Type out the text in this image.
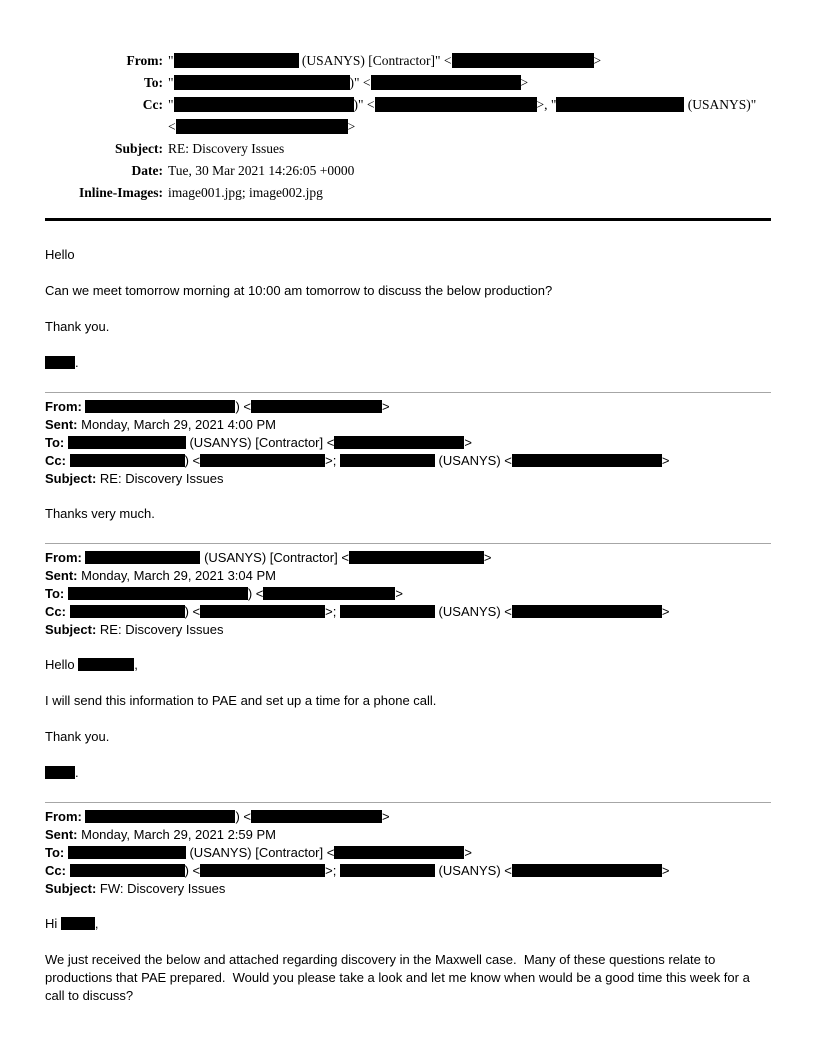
From: "	(USANYS) [Contractor]" <	>
To: "	)" <	>
Cc: "	)" <	>, "	(USANYS)"
<	>
Subject: RE: Discovery Issues
Date: Tue, 30 Mar 2021 14:26:05 +0000
Inline-Images: image001.jpg; image002.jpg

Hello

Can we meet tomorrow morning at 10:00 am tomorrow to discuss the below production?

Thank you.

.

From:	) <	>
Sent: Monday, March 29, 2021 4:00 PM
To:	(USANYS) [Contractor] <	>
Cc:	) <	>;	(USANYS) <	>
Subject: RE: Discovery Issues

Thanks very much.

From:	(USANYS) [Contractor] <	>
Sent: Monday, March 29, 2021 3:04 PM
To:	) <	>
Cc:	) <	>;	(USANYS) <	>
Subject: RE: Discovery Issues

Hello	,

I will send this information to PAE and set up a time for a phone call.

Thank you.

.

From:	) <	>
Sent: Monday, March 29, 2021 2:59 PM
To:	(USANYS) [Contractor] <	>
Cc:	) <	>;	(USANYS) <	>
Subject: FW: Discovery Issues

Hi	,

We just received the below and attached regarding discovery in the Maxwell case.  Many of these questions relate to productions that PAE prepared.  Would you please take a look and let me know when would be a good time this week for a call to discuss?
